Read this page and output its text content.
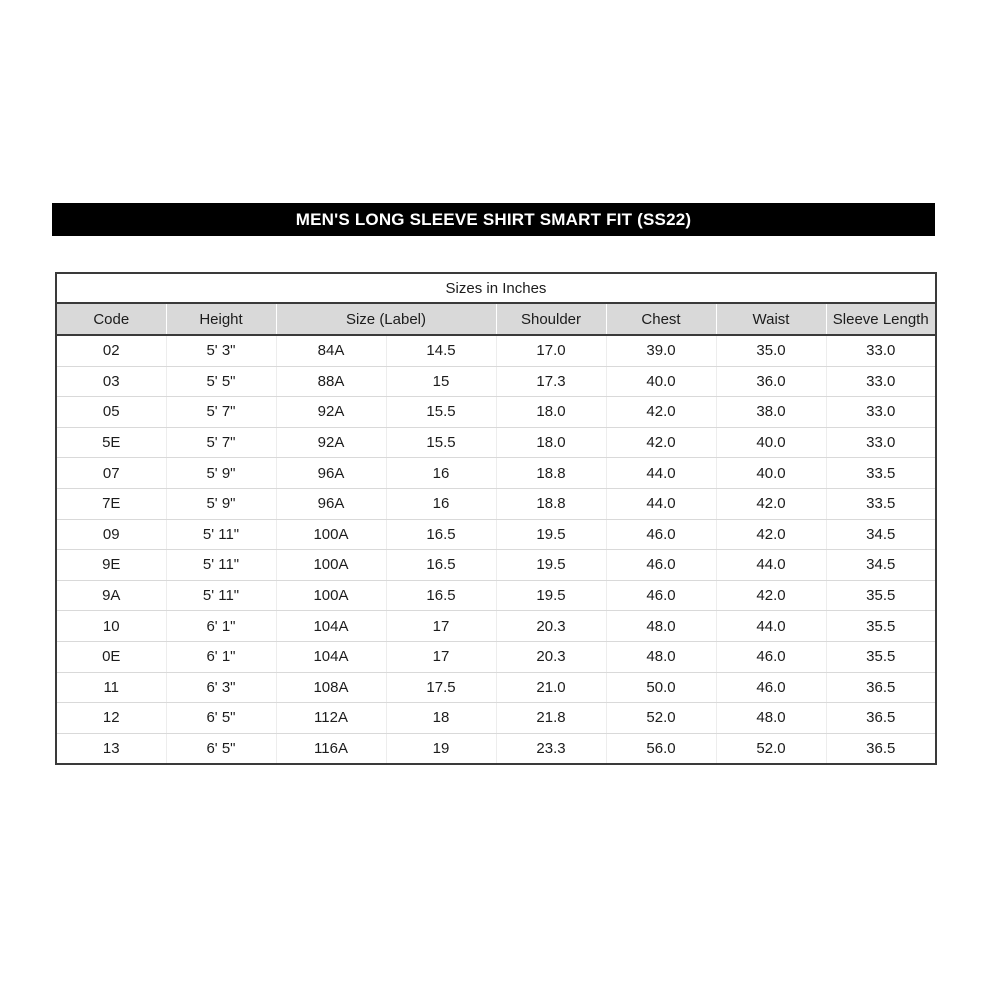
MEN'S LONG SLEEVE SHIRT SMART FIT (SS22)
Sizes in Inches							
Code	Height	Size (Label)		Shoulder	Chest	Waist	Sleeve Length
02	5' 3"	84A	14.5	17.0	39.0	35.0	33.0
03	5' 5"	88A	15	17.3	40.0	36.0	33.0
05	5' 7"	92A	15.5	18.0	42.0	38.0	33.0
5E	5' 7"	92A	15.5	18.0	42.0	40.0	33.0
07	5' 9"	96A	16	18.8	44.0	40.0	33.5
7E	5' 9"	96A	16	18.8	44.0	42.0	33.5
09	5' 11"	100A	16.5	19.5	46.0	42.0	34.5
9E	5' 11"	100A	16.5	19.5	46.0	44.0	34.5
9A	5' 11"	100A	16.5	19.5	46.0	42.0	35.5
10	6' 1"	104A	17	20.3	48.0	44.0	35.5
0E	6' 1"	104A	17	20.3	48.0	46.0	35.5
11	6' 3"	108A	17.5	21.0	50.0	46.0	36.5
12	6' 5"	112A	18	21.8	52.0	48.0	36.5
13	6' 5"	116A	19	23.3	56.0	52.0	36.5
